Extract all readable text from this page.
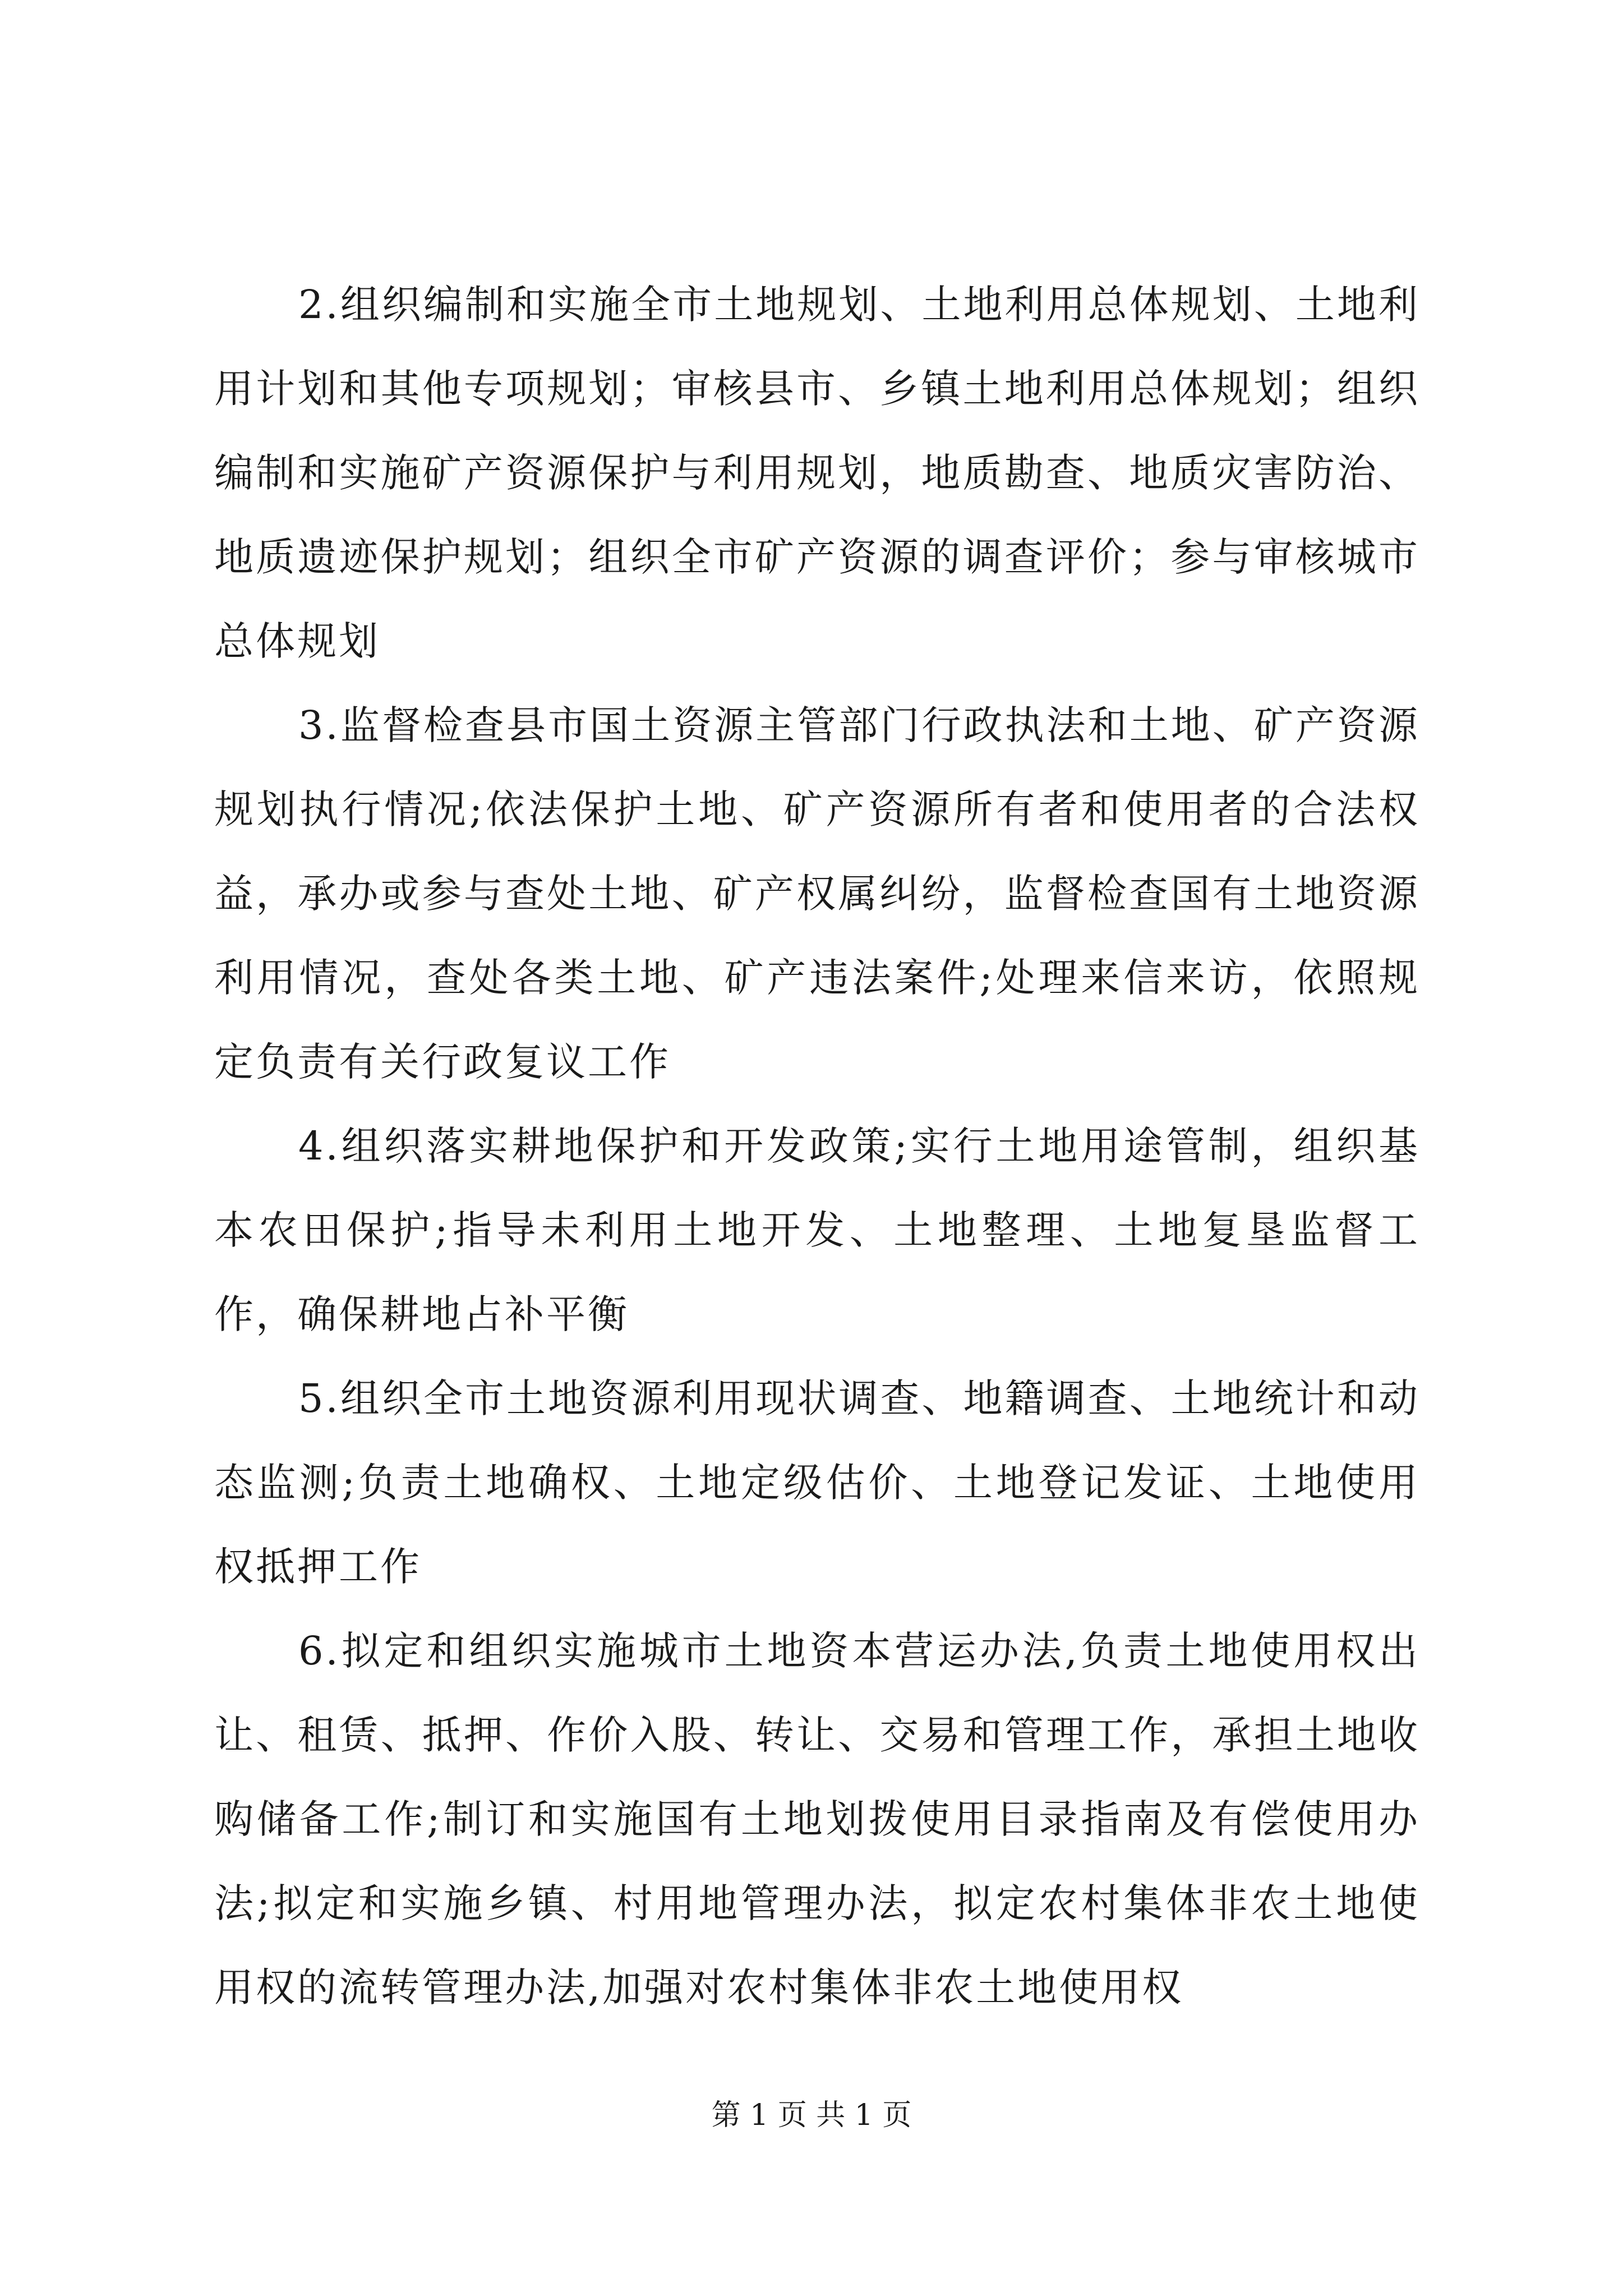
2.组织编制和实施全市土地规划、土地利用总体规划、土地利用计划和其他专项规划；审核县市、乡镇土地利用总体规划；组织编制和实施矿产资源保护与利用规划，地质勘查、地质灾害防治、地质遗迹保护规划；组织全市矿产资源的调查评价；参与审核城市总体规划

3.监督检查县市国土资源主管部门行政执法和土地、矿产资源规划执行情况;依法保护土地、矿产资源所有者和使用者的合法权益，承办或参与查处土地、矿产权属纠纷，监督检查国有土地资源利用情况，查处各类土地、矿产违法案件;处理来信来访，依照规定负责有关行政复议工作

4.组织落实耕地保护和开发政策;实行土地用途管制，组织基本农田保护;指导未利用土地开发、土地整理、土地复垦监督工作，确保耕地占补平衡

5.组织全市土地资源利用现状调查、地籍调查、土地统计和动态监测;负责土地确权、土地定级估价、土地登记发证、土地使用权抵押工作

6.拟定和组织实施城市土地资本营运办法,负责土地使用权出让、租赁、抵押、作价入股、转让、交易和管理工作，承担土地收购储备工作;制订和实施国有土地划拨使用目录指南及有偿使用办法;拟定和实施乡镇、村用地管理办法，拟定农村集体非农土地使用权的流转管理办法,加强对农村集体非农土地使用权

第 1 页 共 1 页
